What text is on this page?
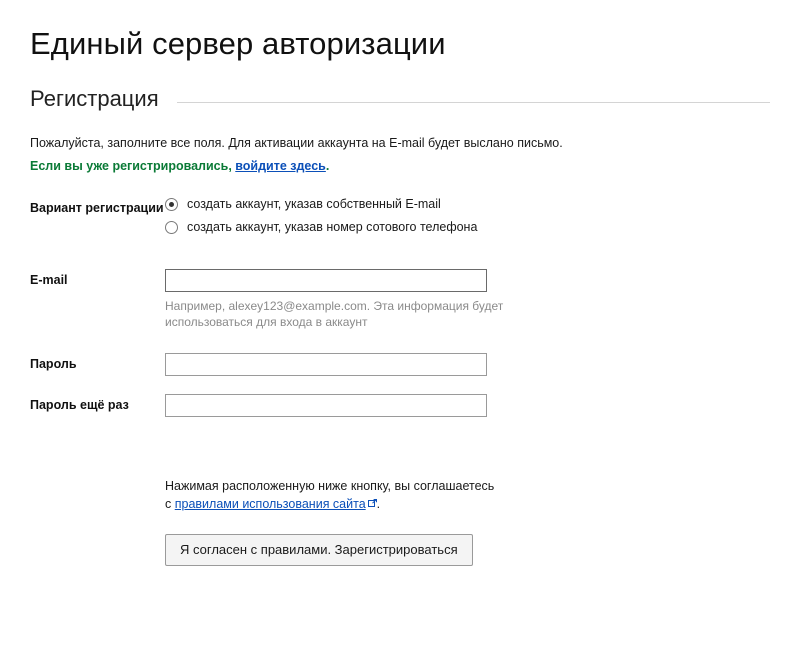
Единый сервер авторизации
Регистрация
Пожалуйста, заполните все поля. Для активации аккаунта на E-mail будет выслано письмо.
Если вы уже регистрировались, войдите здесь.
Вариант регистрации создать аккаунт, указав собственный E-mail
создать аккаунт, указав номер сотового телефона
E-mail
Например, alexey123@example.com. Эта информация будет использоваться для входа в аккаунт
Пароль
Пароль ещё раз
Нажимая расположенную ниже кнопку, вы соглашаетесь
с правилами использования сайта .
Я согласен с правилами. Зарегистрироваться
